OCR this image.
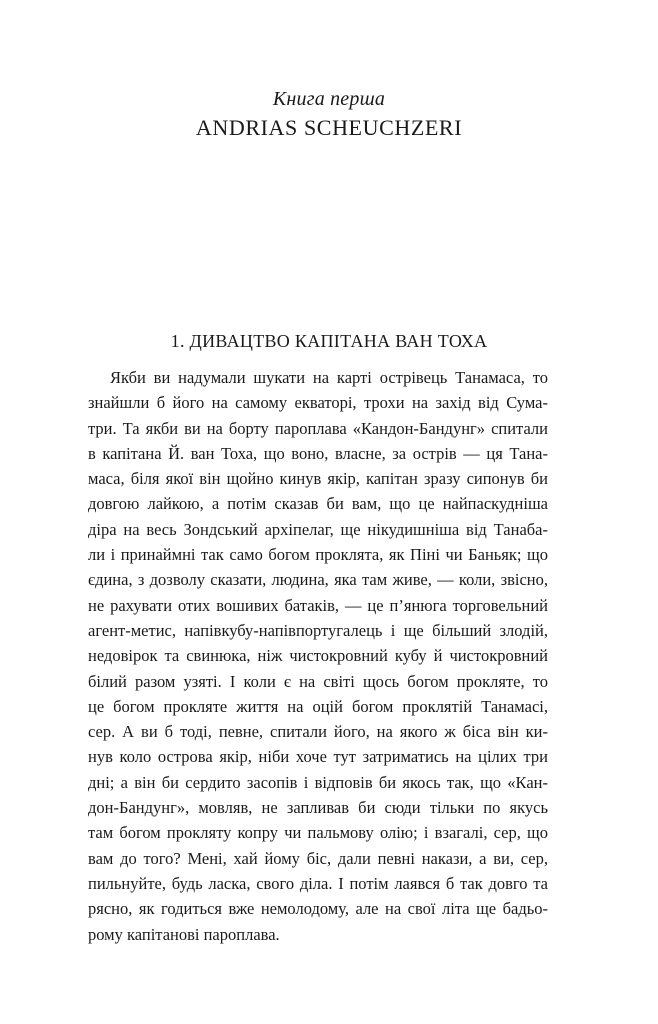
Книга перша
ANDRIAS SCHEUCHZERI
1. ДИВАЦТВО КАПІТАНА ВАН ТОХА
Якби ви надумали шукати на карті острівець Танамаса, то
знайшли б його на самому екваторі, трохи на захід від Сума-
три. Та якби ви на борту пароплава «Кандон-Бандунг» спитали
в капітана Й. ван Тоха, що воно, власне, за острів — ця Тана-
маса, біля якої він щойно кинув якір, капітан зразу сипонув би
довгою лайкою, а потім сказав би вам, що це найпаскудніша
діра на весь Зондський архіпелаг, ще нікудишніша від Танаба-
ли і принаймні так само богом проклята, як Піні чи Баньяк; що
єдина, з дозволу сказати, людина, яка там живе, — коли, звісно,
не рахувати отих вошивих батаків, — це п’янюга торговельний
агент-метис, напівкубу-напівпортугалець і ще більший злодій,
недовірок та свинюка, ніж чистокровний кубу й чистокровний
білий разом узяті. І коли є на світі щось богом прокляте, то
це богом прокляте життя на оцій богом проклятій Танамасі,
сер. А ви б тоді, певне, спитали його, на якого ж біса він ки-
нув коло острова якір, ніби хоче тут затриматись на цілих три
дні; а він би сердито засопів і відповів би якось так, що «Кан-
дон-Бандунг», мовляв, не запливав би сюди тільки по якусь
там богом прокляту копру чи пальмову олію; і взагалі, сер, що
вам до того? Мені, хай йому біс, дали певні накази, а ви, сер,
пильнуйте, будь ласка, свого діла. І потім лаявся б так довго та
рясно, як годиться вже немолодому, але на свої літа ще бадьо-
рому капітанові пароплава.
